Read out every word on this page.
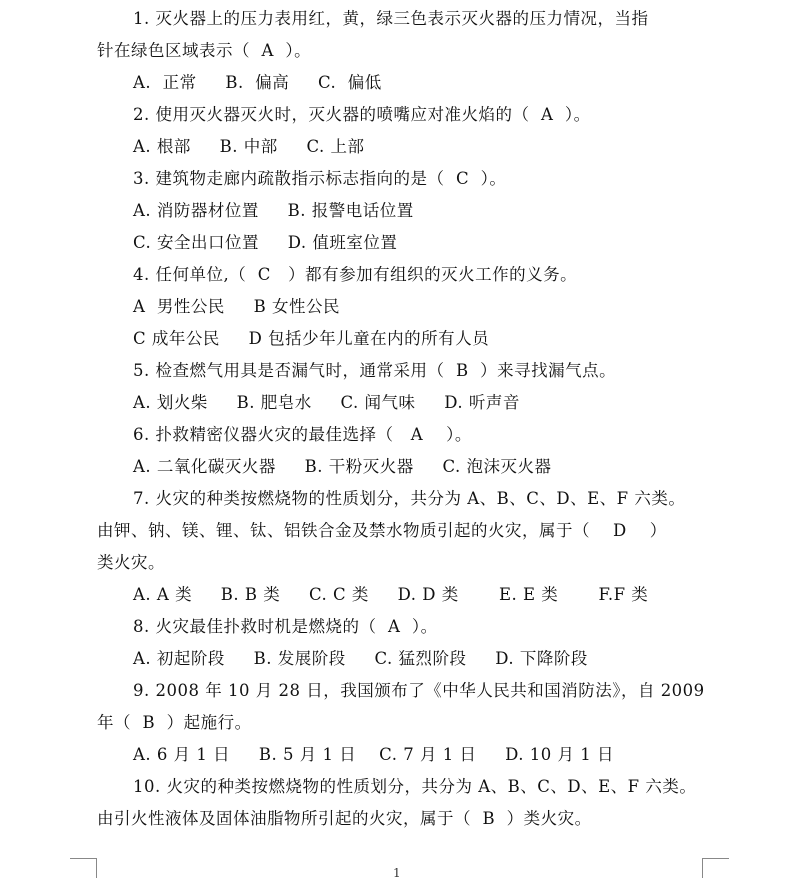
1. 灭火器上的压力表用红，黄，绿三色表示灭火器的压力情况，当指
针在绿色区域表示（  A  ）。
A.  正常     B.  偏高     C.  偏低
2. 使用灭火器灭火时，灭火器的喷嘴应对准火焰的（  A  ）。
A. 根部     B. 中部     C. 上部
3. 建筑物走廊内疏散指示标志指向的是（  C  ）。
A. 消防器材位置     B. 报警电话位置
C. 安全出口位置     D. 值班室位置
4. 任何单位,（  C   ）都有参加有组织的灭火工作的义务。
A  男性公民     B 女性公民
C 成年公民     D 包括少年儿童在内的所有人员
5. 检查燃气用具是否漏气时，通常采用（  B  ）来寻找漏气点。
A. 划火柴     B. 肥皂水     C. 闻气味     D. 听声音
6. 扑救精密仪器火灾的最佳选择（   A    ）。
A. 二氧化碳灭火器     B. 干粉灭火器     C. 泡沫灭火器
7. 火灾的种类按燃烧物的性质划分，共分为 A、B、C、D、E、F 六类。
由钾、钠、镁、锂、钛、铝铁合金及禁水物质引起的火灾，属于（    D    ）
类火灾。
A. A 类     B. B 类     C. C 类     D. D 类       E. E 类       F.F 类
8. 火灾最佳扑救时机是燃烧的（  A  ）。
A. 初起阶段     B. 发展阶段     C. 猛烈阶段     D. 下降阶段
9. 2008 年 10 月 28 日，我国颁布了《中华人民共和国消防法》，自 2009
年（  B  ）起施行。
A. 6 月 1 日     B. 5 月 1 日    C. 7 月 1 日     D. 10 月 1 日
10. 火灾的种类按燃烧物的性质划分，共分为 A、B、C、D、E、F 六类。
由引火性液体及固体油脂物所引起的火灾，属于（  B  ）类火灾。
1
